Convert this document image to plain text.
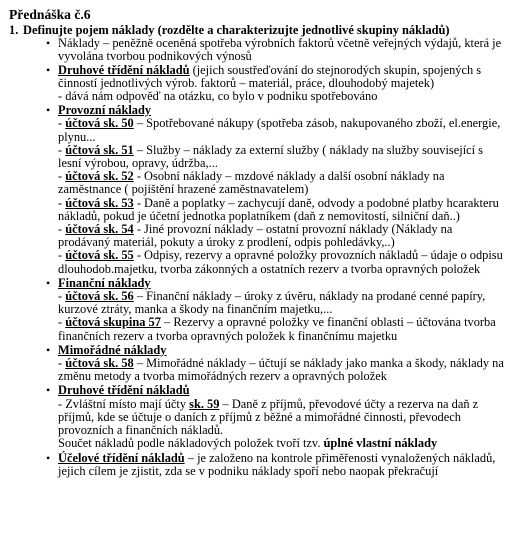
Přednáška č.6
1. Definujte pojem náklady (rozdělte a charakterizujte jednotlivé skupiny nákladů)
• Náklady – peněžně oceněná spotřeba výrobních faktorů včetně veřejných výdajů, která je vyvolána tvorbou podnikových výnosů
• Druhové třídění nákladů (jejich soustřeďování do stejnorodých skupin, spojených s činností jednotlivých výrob. faktorů – materiál, práce, dlouhodobý majetek)
- dává nám odpověď na otázku, co bylo v podniku spotřebováno
• Provozní náklady
- účtová sk. 50 – Spotřebované nákupy (spotřeba zásob, nakupovaného zboží, el.energie, plynu...
- účtová sk. 51 – Služby – náklady za externí služby ( náklady na služby související s lesní výrobou, opravy, údržba,...
- účtová sk. 52 - Osobní náklady – mzdové náklady a další osobní náklady na zaměstnance ( pojištění hrazené zaměstnavatelem)
- účtová sk. 53 - Daně a poplatky – zachycují daně, odvody a podobné platby hcarakteru nákladů, pokud je účetní jednotka poplatníkem (daň z nemovitostí, silniční daň..)
- účtová sk. 54 - Jiné provozní náklady – ostatní provozní náklady (Náklady na prodávaný materiál, pokuty a úroky z prodlení, odpis pohledávky,..)
- účtová sk. 55 - Odpisy, rezervy a opravné položky provozních nákladů – údaje o odpisu dlouhodob.majetku, tvorba zákonných a ostatních rezerv a tvorba opravných položek
• Finanční náklady
- účtová sk. 56 – Finanční náklady – úroky z úvěru, náklady na prodané cenné papíry, kurzové ztráty, manka a škody na finančním majetku,...
- účtová skupina 57 – Rezervy a opravné položky ve finanční oblasti – účtována tvorba finančních rezerv a tvorba opravných položek k finančnímu majetku
• Mimořádné náklady
- účtová sk. 58 – Mimořádné náklady – účtují se náklady jako manka a škody, náklady na změnu metody a tvorba mimořádných rezerv a opravných položek
• Druhové třídění nákladů
- Zvláštní místo mají účty sk. 59 – Daně z příjmů, převodové účty a rezerva na daň z příjmů, kde se účtuje o daních z příjmů z běžné a mimořádné činnosti, převodech provozních a finančních nákladů.
Součet nákladů podle nákladových položek tvoří tzv. úplné vlastní náklady
• Účelové třídění nákladů – je založeno na kontrole přiměřenosti vynaložených nákladů, jejich cílem je zjistit, zda se v podniku náklady spoří nebo naopak překračují
